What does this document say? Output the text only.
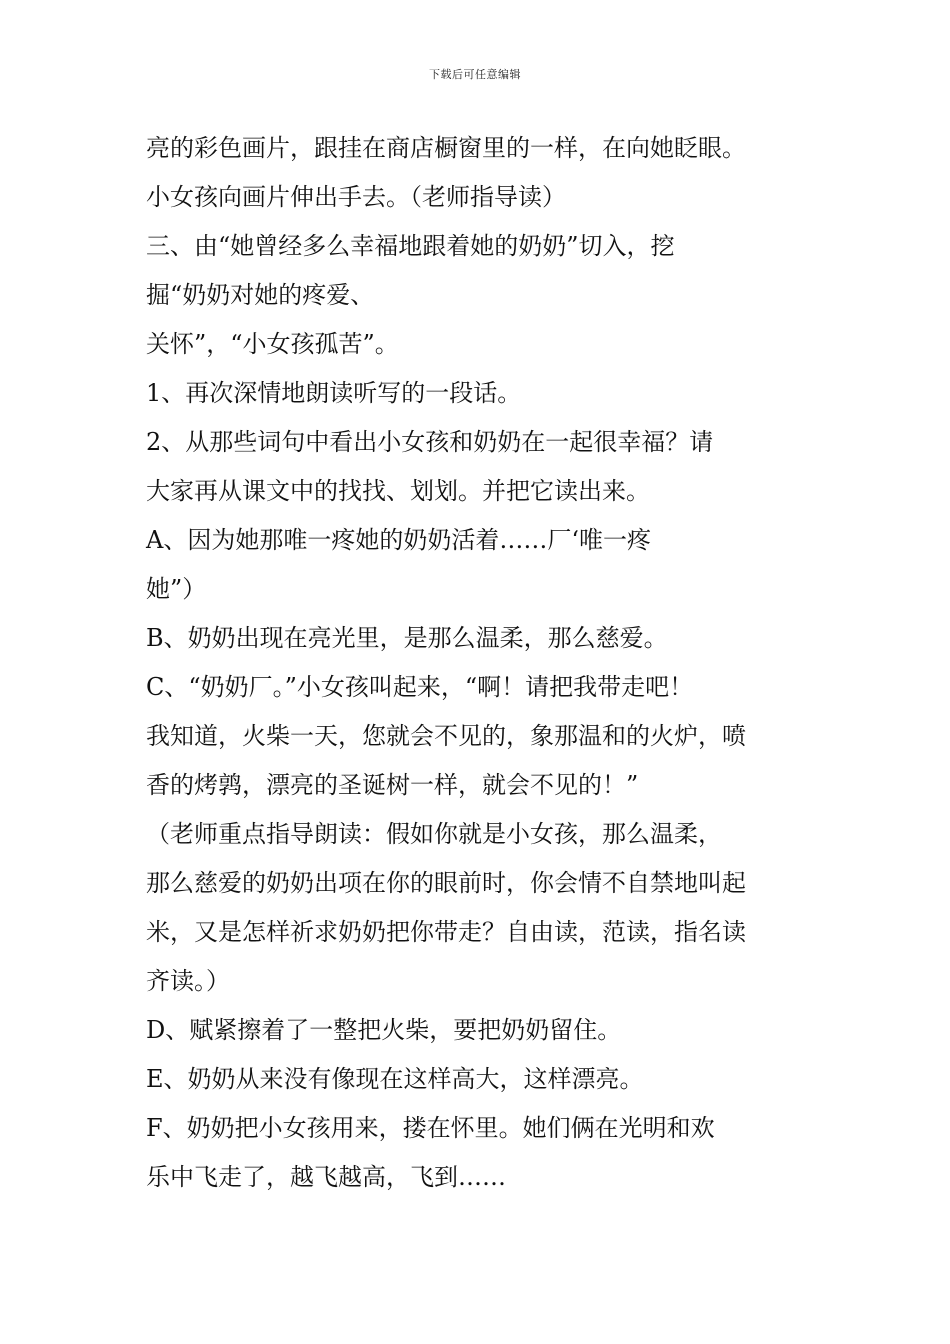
下载后可任意编辑

亮的彩色画片，跟挂在商店橱窗里的一样，在向她眨眼。

小女孩向画片伸出手去。（老师指导读）

三、由“她曾经多么幸福地跟着她的奶奶”切入，挖

掘“奶奶对她的疼爱、

关怀”，“小女孩孤苦”。

1、再次深情地朗读听写的一段话。

2、从那些词句中看出小女孩和奶奶在一起很幸福？请

大家再从课文中的找找、划划。并把它读出来。

A、因为她那唯一疼她的奶奶活着……厂‘唯一疼

她”）

B、奶奶出现在亮光里，是那么温柔，那么慈爱。

C、“奶奶厂。”小女孩叫起来，“啊！请把我带走吧！

我知道，火柴一天，您就会不见的，象那温和的火炉，喷

香的烤鹑，漂亮的圣诞树一样，就会不见的！”

（老师重点指导朗读：假如你就是小女孩，那么温柔，

那么慈爱的奶奶出项在你的眼前时，你会情不自禁地叫起

米，又是怎样祈求奶奶把你带走？自由读，范读，指名读

齐读。）

D、赋紧擦着了一整把火柴，要把奶奶留住。

E、奶奶从来没有像现在这样高大，这样漂亮。

F、奶奶把小女孩用来，搂在怀里。她们俩在光明和欢

乐中飞走了，越飞越高，飞到……
